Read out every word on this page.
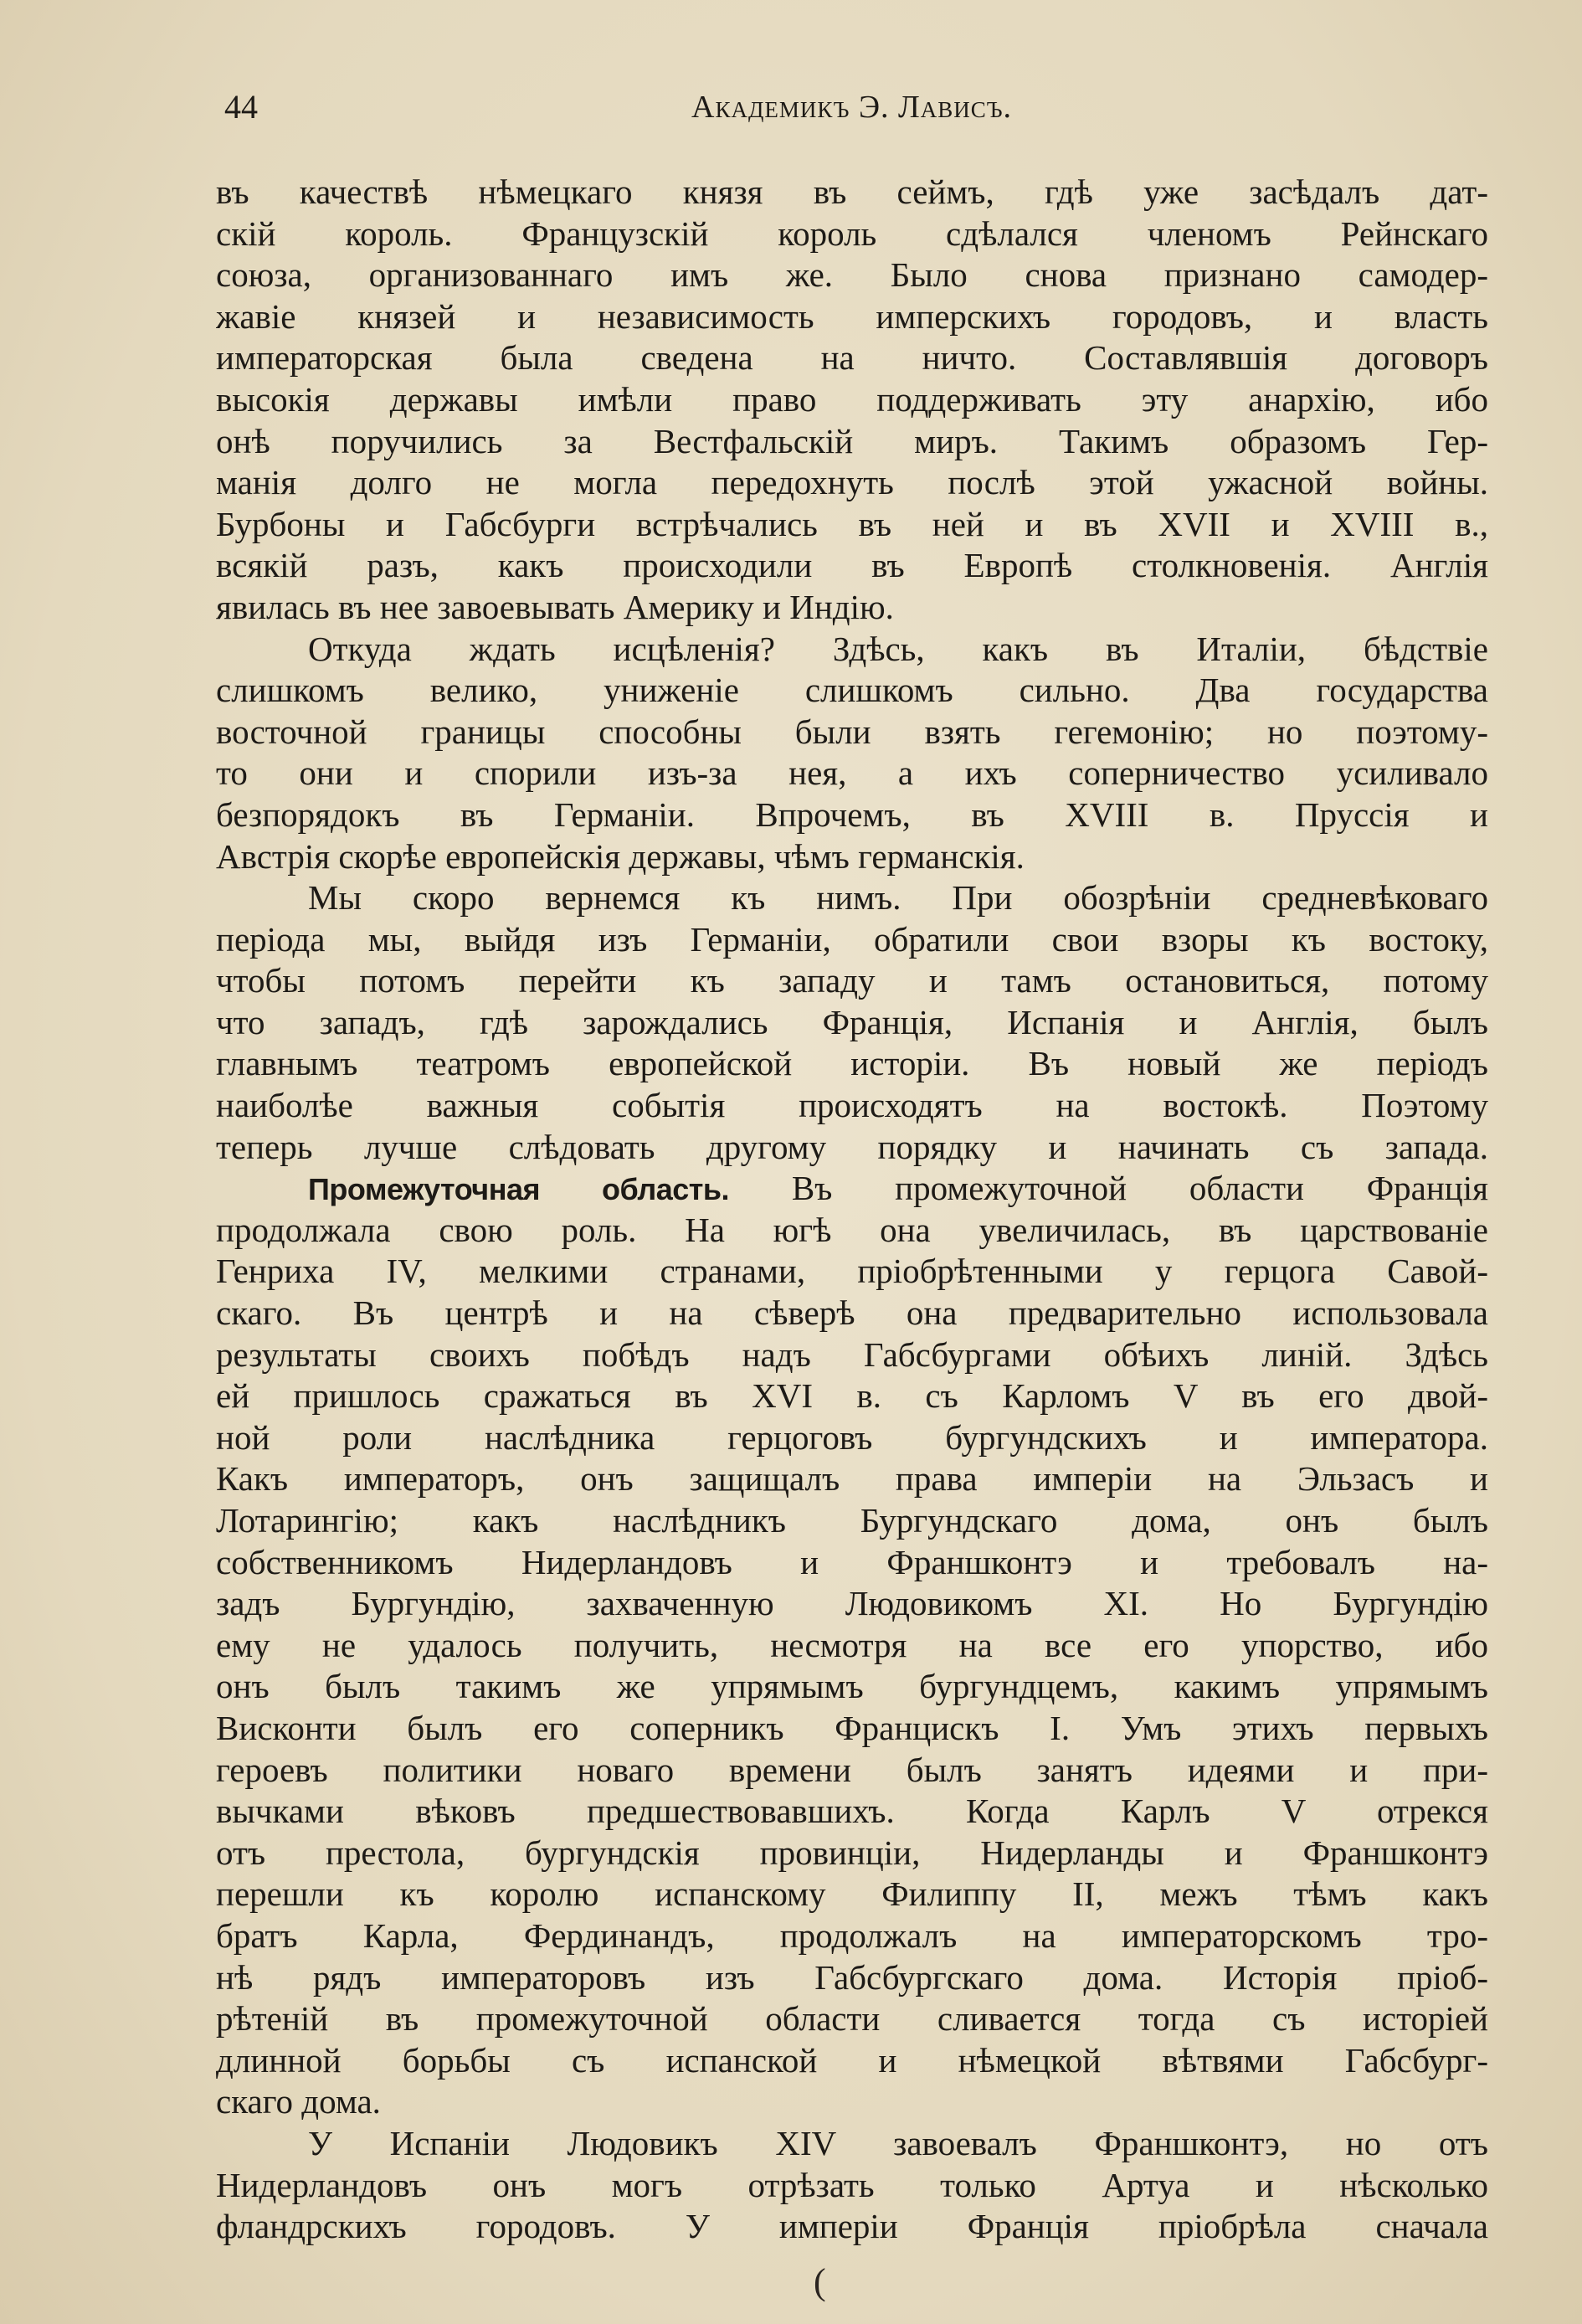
44	Академикъ Э. Лависъ.
въ качествѣ нѣмецкаго князя въ сеймъ, гдѣ уже засѣдалъ дат-
скій король. Французскій король сдѣлался членомъ Рейнскаго
союза, организованнаго имъ же. Было снова признано самодер-
жавіе князей и независимость имперскихъ городовъ, и власть
императорская была сведена на ничто. Составлявшія договоръ
высокія державы имѣли право поддерживать эту анархію, ибо
онѣ поручились за Вестфальскій миръ. Такимъ образомъ Гер-
манія долго не могла передохнуть послѣ этой ужасной войны.
Бурбоны и Габсбурги встрѣчались въ ней и въ XVII и XVIII в.,
всякій разъ, какъ происходили въ Европѣ столкновенія. Англія
явилась въ нее завоевывать Америку и Индію.
Откуда ждать исцѣленія? Здѣсь, какъ въ Италіи, бѣдствіе
слишкомъ велико, униженіе слишкомъ сильно. Два государства
восточной границы способны были взять гегемонію; но поэтому-
то они и спорили изъ-за нея, а ихъ соперничество усиливало
безпорядокъ въ Германіи. Впрочемъ, въ XVIII в. Пруссія и
Австрія скорѣе европейскія державы, чѣмъ германскія.
Мы скоро вернемся къ нимъ. При обозрѣніи средневѣковаго
періода мы, выйдя изъ Германіи, обратили свои взоры къ востоку,
чтобы потомъ перейти къ западу и тамъ остановиться, потому
что западъ, гдѣ зарождались Франція, Испанія и Англія, былъ
главнымъ театромъ европейской исторіи. Въ новый же періодъ
наиболѣе важныя событія происходятъ на востокѣ. Поэтому
теперь лучше слѣдовать другому порядку и начинать съ запада.
Промежуточная область. Въ промежуточной области Франція
продолжала свою роль. На югѣ она увеличилась, въ царствованіе
Генриха IV, мелкими странами, пріобрѣтенными у герцога Савой-
скаго. Въ центрѣ и на сѣверѣ она предварительно использовала
результаты своихъ побѣдъ надъ Габсбургами обѣихъ линій. Здѣсь
ей пришлось сражаться въ XVI в. съ Карломъ V въ его двой-
ной роли наслѣдника герцоговъ бургундскихъ и императора.
Какъ императоръ, онъ защищалъ права имперіи на Эльзасъ и
Лотарингію; какъ наслѣдникъ Бургундскаго дома, онъ былъ
собственникомъ Нидерландовъ и Франшконтэ и требовалъ на-
задъ Бургундію, захваченную Людовикомъ XI. Но Бургундію
ему не удалось получить, несмотря на все его упорство, ибо
онъ былъ такимъ же упрямымъ бургундцемъ, какимъ упрямымъ
Висконти былъ его соперникъ Францискъ I. Умъ этихъ первыхъ
героевъ политики новаго времени былъ занятъ идеями и при-
вычками вѣковъ предшествовавшихъ. Когда Карлъ V отрекся
отъ престола, бургундскія провинціи, Нидерланды и Франшконтэ
перешли къ королю испанскому Филиппу II, межъ тѣмъ какъ
братъ Карла, Фердинандъ, продолжалъ на императорскомъ тро-
нѣ рядъ императоровъ изъ Габсбургскаго дома. Исторія пріоб-
рѣтеній въ промежуточной области сливается тогда съ исторіей
длинной борьбы съ испанской и нѣмецкой вѣтвями Габсбург-
скаго дома.
У Испаніи Людовикъ XIV завоевалъ Франшконтэ, но отъ
Нидерландовъ онъ могъ отрѣзать только Артуа и нѣсколько
фландрскихъ городовъ. У имперіи Франція пріобрѣла сначала
(
